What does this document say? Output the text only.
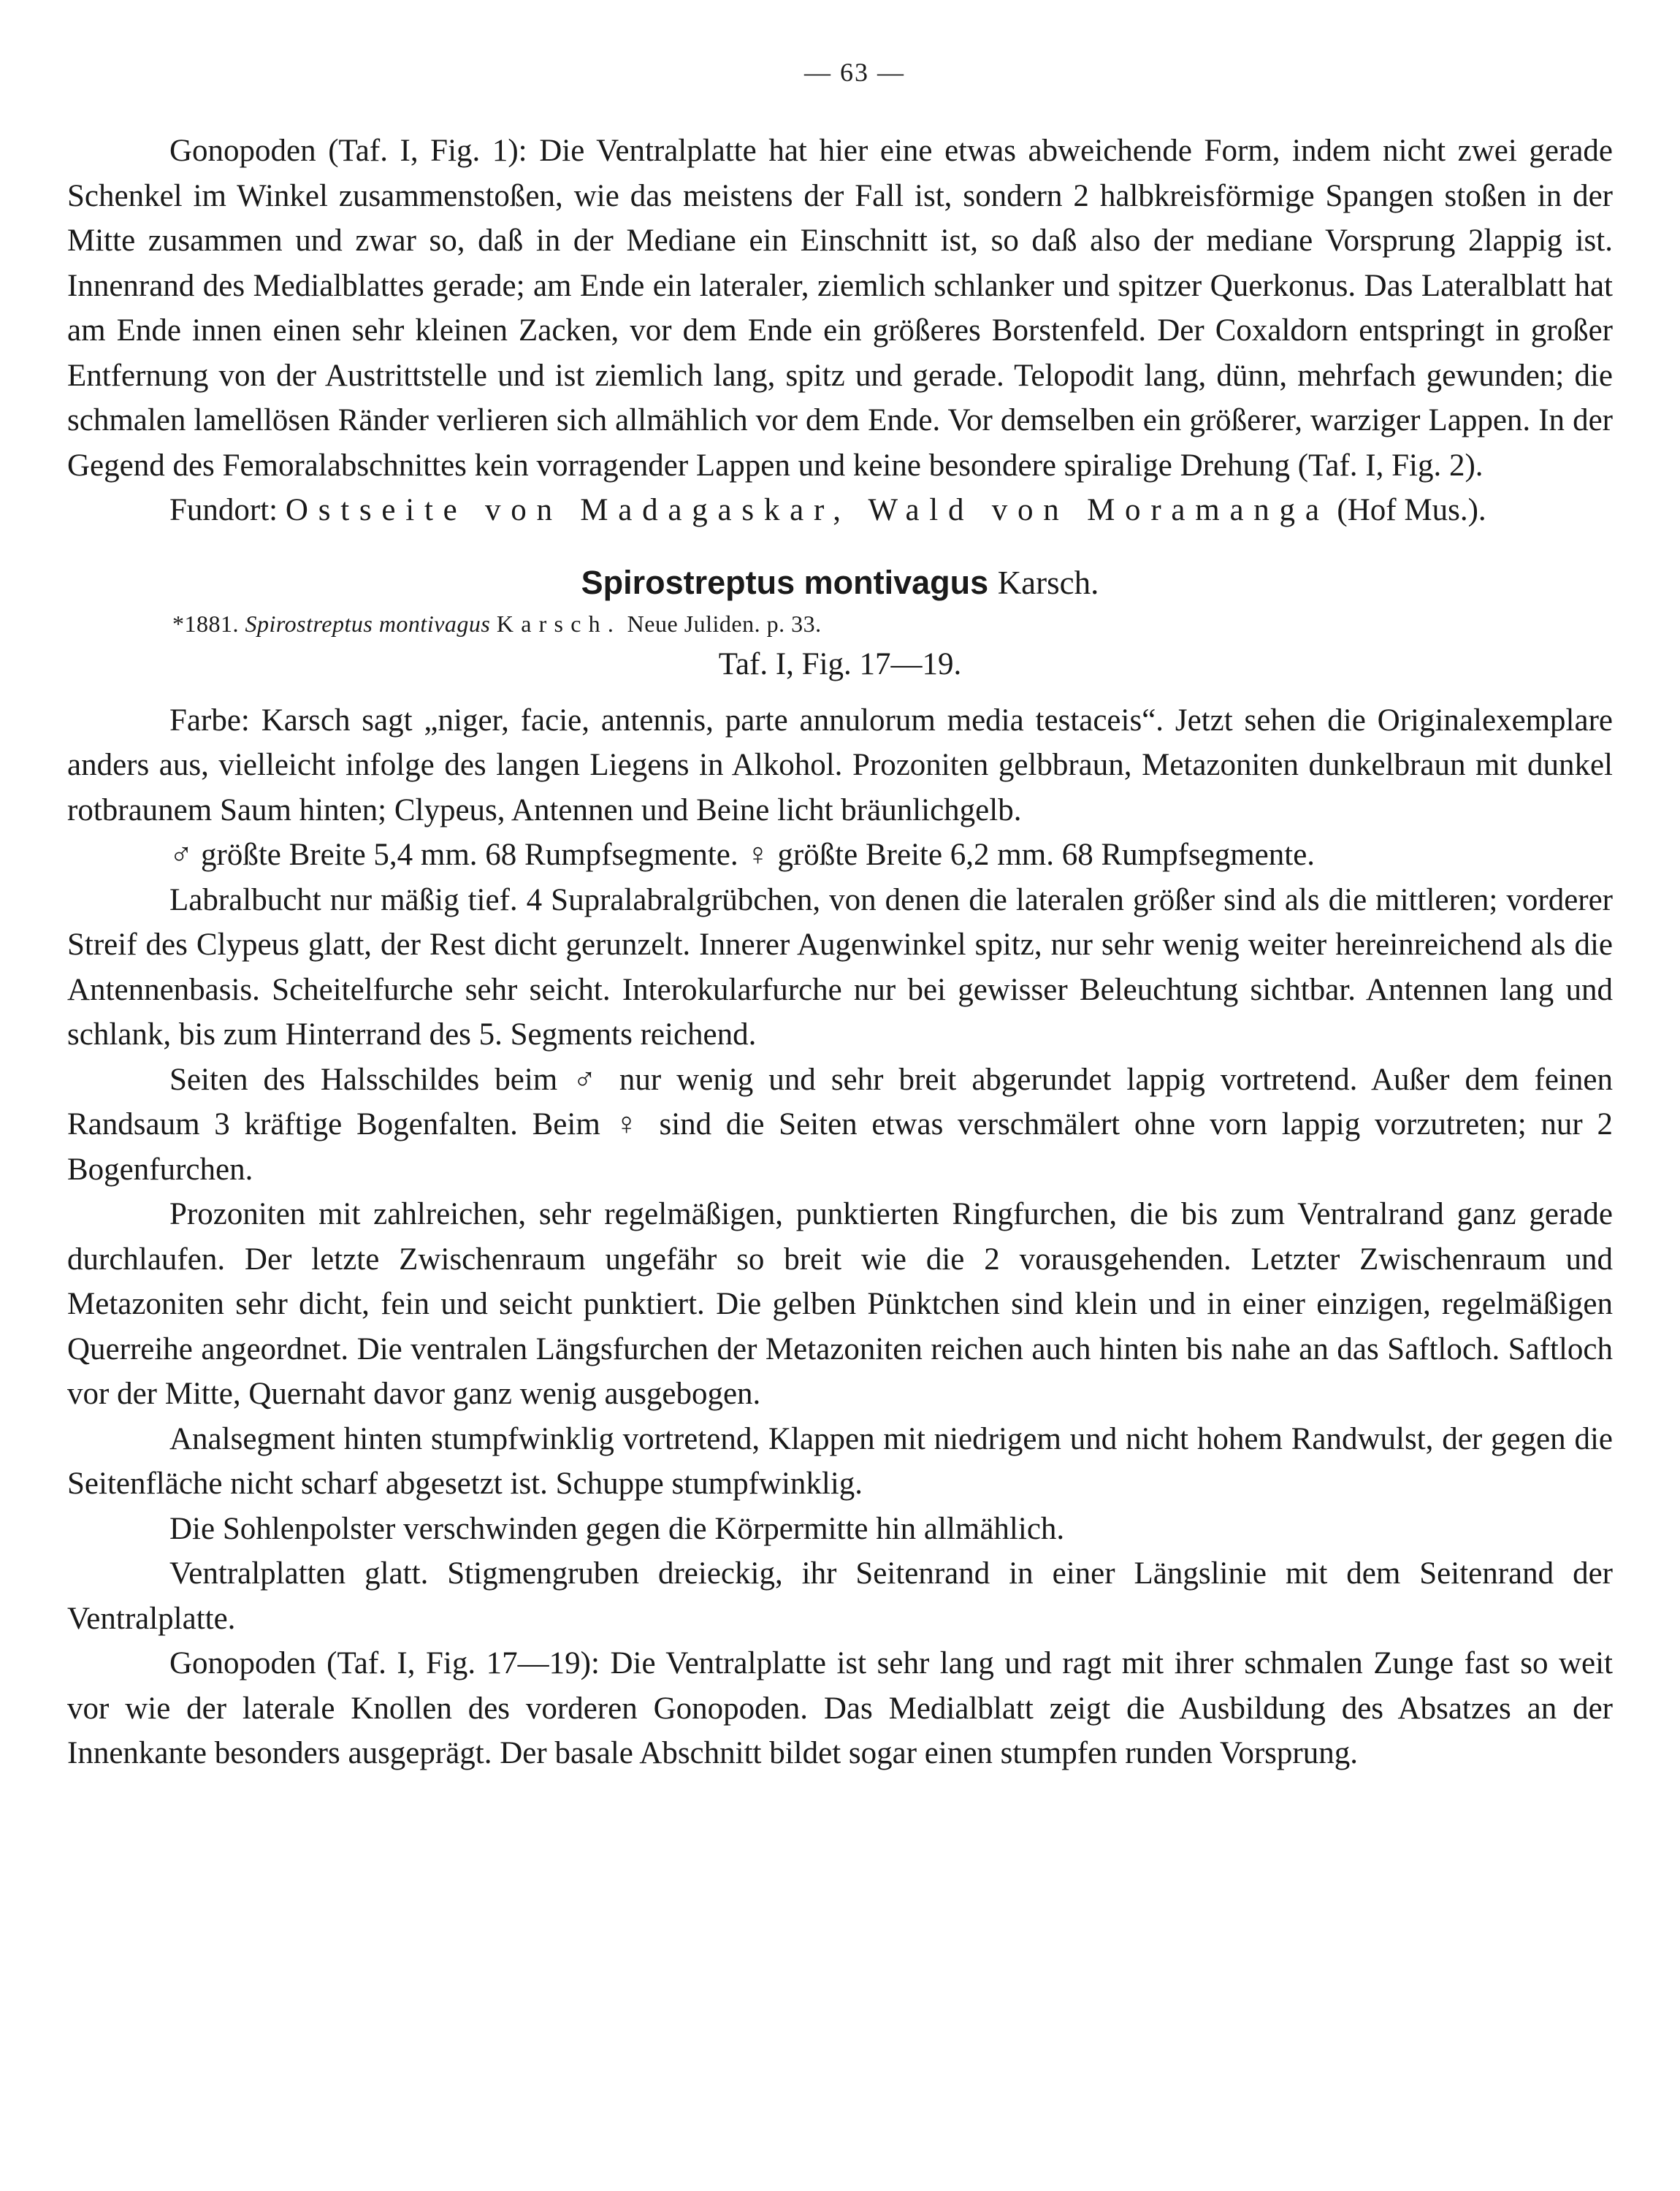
— 63 —

Gonopoden (Taf. I, Fig. 1): Die Ventralplatte hat hier eine etwas abweichende Form, indem nicht zwei gerade Schenkel im Winkel zusammenstoßen, wie das meistens der Fall ist, sondern 2 halbkreisförmige Spangen stoßen in der Mitte zusammen und zwar so, daß in der Mediane ein Einschnitt ist, so daß also der mediane Vorsprung 2lappig ist. Innenrand des Medialblattes gerade; am Ende ein lateraler, ziemlich schlanker und spitzer Querkonus. Das Lateralblatt hat am Ende innen einen sehr kleinen Zacken, vor dem Ende ein größeres Borstenfeld. Der Coxaldorn entspringt in großer Entfernung von der Austrittstelle und ist ziemlich lang, spitz und gerade. Telopodit lang, dünn, mehrfach gewunden; die schmalen lamellösen Ränder verlieren sich allmählich vor dem Ende. Vor demselben ein größerer, warziger Lappen. In der Gegend des Femoralabschnittes kein vorragender Lappen und keine besondere spiralige Drehung (Taf. I, Fig. 2).

Fundort: Ostseite von Madagaskar, Wald von Moramanga (Hof Mus.).

Spirostreptus montivagus Karsch.
*1881. Spirostreptus montivagus Karsch. Neue Juliden. p. 33.
Taf. I, Fig. 17—19.

Farbe: Karsch sagt „niger, facie, antennis, parte annulorum media testaceis“. Jetzt sehen die Originalexemplare anders aus, vielleicht infolge des langen Liegens in Alkohol. Prozoniten gelbbraun, Metazoniten dunkelbraun mit dunkel rotbraunem Saum hinten; Clypeus, Antennen und Beine licht bräunlichgelb.

♂ größte Breite 5,4 mm. 68 Rumpfsegmente. ♀ größte Breite 6,2 mm. 68 Rumpfsegmente.

Labralbucht nur mäßig tief. 4 Supralabralgrübchen, von denen die lateralen größer sind als die mittleren; vorderer Streif des Clypeus glatt, der Rest dicht gerunzelt. Innerer Augenwinkel spitz, nur sehr wenig weiter hereinreichend als die Antennenbasis. Scheitelfurche sehr seicht. Interokularfurche nur bei gewisser Beleuchtung sichtbar. Antennen lang und schlank, bis zum Hinterrand des 5. Segments reichend.

Seiten des Halsschildes beim ♂ nur wenig und sehr breit abgerundet lappig vortretend. Außer dem feinen Randsaum 3 kräftige Bogenfalten. Beim ♀ sind die Seiten etwas verschmälert ohne vorn lappig vorzutreten; nur 2 Bogenfurchen.

Prozoniten mit zahlreichen, sehr regelmäßigen, punktierten Ringfurchen, die bis zum Ventralrand ganz gerade durchlaufen. Der letzte Zwischenraum ungefähr so breit wie die 2 vorausgehenden. Letzter Zwischenraum und Metazoniten sehr dicht, fein und seicht punktiert. Die gelben Pünktchen sind klein und in einer einzigen, regelmäßigen Querreihe angeordnet. Die ventralen Längsfurchen der Metazoniten reichen auch hinten bis nahe an das Saftloch. Saftloch vor der Mitte, Quernaht davor ganz wenig ausgebogen.

Analsegment hinten stumpfwinklig vortretend, Klappen mit niedrigem und nicht hohem Randwulst, der gegen die Seitenfläche nicht scharf abgesetzt ist. Schuppe stumpfwinklig.

Die Sohlenpolster verschwinden gegen die Körpermitte hin allmählich.

Ventralplatten glatt. Stigmengruben dreieckig, ihr Seitenrand in einer Längslinie mit dem Seitenrand der Ventralplatte.

Gonopoden (Taf. I, Fig. 17—19): Die Ventralplatte ist sehr lang und ragt mit ihrer schmalen Zunge fast so weit vor wie der laterale Knollen des vorderen Gonopoden. Das Medialblatt zeigt die Ausbildung des Absatzes an der Innenkante besonders ausgeprägt. Der basale Abschnitt bildet sogar einen stumpfen runden Vorsprung.
